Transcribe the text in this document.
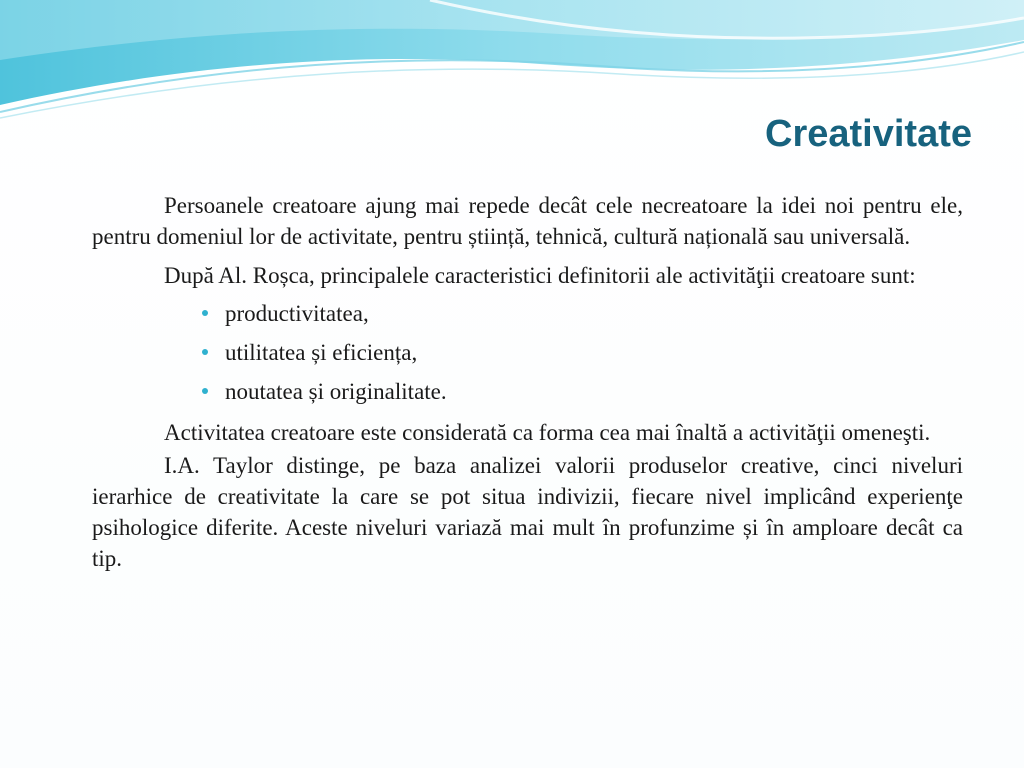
Creativitate

Persoanele creatoare ajung mai repede decât cele necreatoare la idei noi pentru ele, pentru domeniul lor de activitate, pentru știință, tehnică, cultură națională sau universală.

După Al. Roșca, principalele caracteristici definitorii ale activităţii creatoare sunt:

productivitatea,
utilitatea și eficiența,
noutatea și originalitate.

Activitatea creatoare este considerată ca forma cea mai înaltă a activităţii omeneşti.

I.A. Taylor distinge, pe baza analizei valorii produselor creative, cinci niveluri ierarhice de creativitate la care se pot situa indivizii, fiecare nivel implicând experienţe psihologice diferite. Aceste niveluri variază mai mult în profunzime și în amploare decât ca tip.
